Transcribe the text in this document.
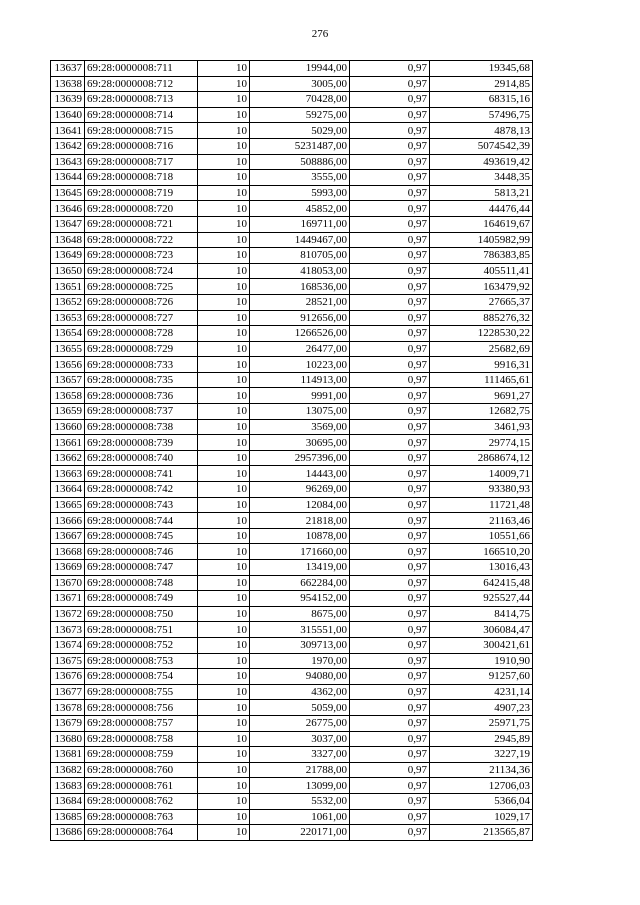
276
13637	69:28:0000008:711	10	19944,00	0,97	19345,68
13638	69:28:0000008:712	10	3005,00	0,97	2914,85
13639	69:28:0000008:713	10	70428,00	0,97	68315,16
13640	69:28:0000008:714	10	59275,00	0,97	57496,75
13641	69:28:0000008:715	10	5029,00	0,97	4878,13
13642	69:28:0000008:716	10	5231487,00	0,97	5074542,39
13643	69:28:0000008:717	10	508886,00	0,97	493619,42
13644	69:28:0000008:718	10	3555,00	0,97	3448,35
13645	69:28:0000008:719	10	5993,00	0,97	5813,21
13646	69:28:0000008:720	10	45852,00	0,97	44476,44
13647	69:28:0000008:721	10	169711,00	0,97	164619,67
13648	69:28:0000008:722	10	1449467,00	0,97	1405982,99
13649	69:28:0000008:723	10	810705,00	0,97	786383,85
13650	69:28:0000008:724	10	418053,00	0,97	405511,41
13651	69:28:0000008:725	10	168536,00	0,97	163479,92
13652	69:28:0000008:726	10	28521,00	0,97	27665,37
13653	69:28:0000008:727	10	912656,00	0,97	885276,32
13654	69:28:0000008:728	10	1266526,00	0,97	1228530,22
13655	69:28:0000008:729	10	26477,00	0,97	25682,69
13656	69:28:0000008:733	10	10223,00	0,97	9916,31
13657	69:28:0000008:735	10	114913,00	0,97	111465,61
13658	69:28:0000008:736	10	9991,00	0,97	9691,27
13659	69:28:0000008:737	10	13075,00	0,97	12682,75
13660	69:28:0000008:738	10	3569,00	0,97	3461,93
13661	69:28:0000008:739	10	30695,00	0,97	29774,15
13662	69:28:0000008:740	10	2957396,00	0,97	2868674,12
13663	69:28:0000008:741	10	14443,00	0,97	14009,71
13664	69:28:0000008:742	10	96269,00	0,97	93380,93
13665	69:28:0000008:743	10	12084,00	0,97	11721,48
13666	69:28:0000008:744	10	21818,00	0,97	21163,46
13667	69:28:0000008:745	10	10878,00	0,97	10551,66
13668	69:28:0000008:746	10	171660,00	0,97	166510,20
13669	69:28:0000008:747	10	13419,00	0,97	13016,43
13670	69:28:0000008:748	10	662284,00	0,97	642415,48
13671	69:28:0000008:749	10	954152,00	0,97	925527,44
13672	69:28:0000008:750	10	8675,00	0,97	8414,75
13673	69:28:0000008:751	10	315551,00	0,97	306084,47
13674	69:28:0000008:752	10	309713,00	0,97	300421,61
13675	69:28:0000008:753	10	1970,00	0,97	1910,90
13676	69:28:0000008:754	10	94080,00	0,97	91257,60
13677	69:28:0000008:755	10	4362,00	0,97	4231,14
13678	69:28:0000008:756	10	5059,00	0,97	4907,23
13679	69:28:0000008:757	10	26775,00	0,97	25971,75
13680	69:28:0000008:758	10	3037,00	0,97	2945,89
13681	69:28:0000008:759	10	3327,00	0,97	3227,19
13682	69:28:0000008:760	10	21788,00	0,97	21134,36
13683	69:28:0000008:761	10	13099,00	0,97	12706,03
13684	69:28:0000008:762	10	5532,00	0,97	5366,04
13685	69:28:0000008:763	10	1061,00	0,97	1029,17
13686	69:28:0000008:764	10	220171,00	0,97	213565,87
